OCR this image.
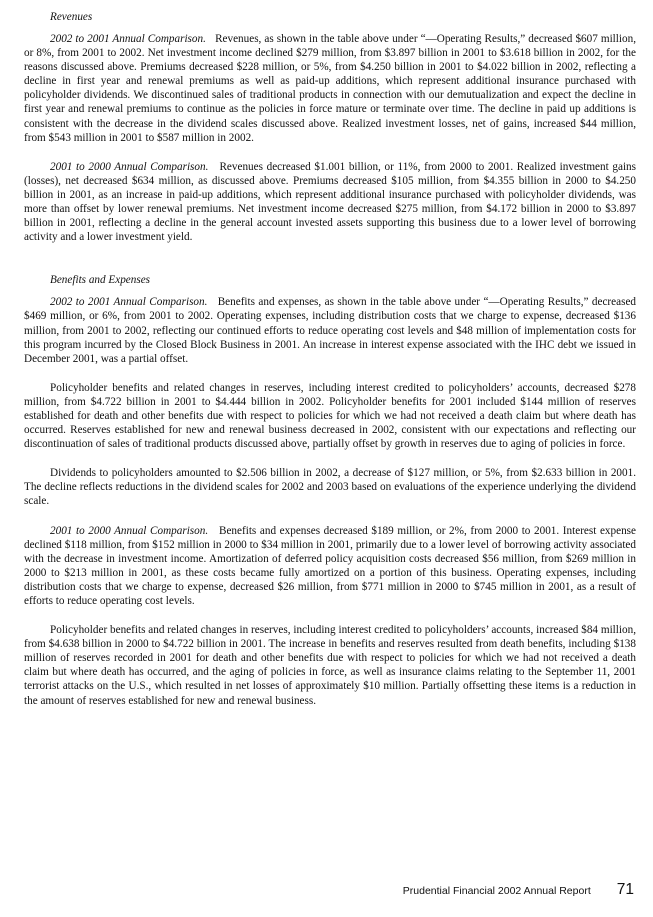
Revenues

2002 to 2001 Annual Comparison. Revenues, as shown in the table above under “—Operating Results,” decreased $607 million, or 8%, from 2001 to 2002. Net investment income declined $279 million, from $3.897 billion in 2001 to $3.618 billion in 2002, for the reasons discussed above. Premiums decreased $228 million, or 5%, from $4.250 billion in 2001 to $4.022 billion in 2002, reflecting a decline in first year and renewal premiums as well as paid-up additions, which represent additional insurance purchased with policyholder dividends. We discontinued sales of traditional products in connection with our demutualization and expect the decline in first year and renewal premiums to continue as the policies in force mature or terminate over time. The decline in paid up additions is consistent with the decrease in the dividend scales discussed above. Realized investment losses, net of gains, increased $44 million, from $543 million in 2001 to $587 million in 2002.

2001 to 2000 Annual Comparison. Revenues decreased $1.001 billion, or 11%, from 2000 to 2001. Realized investment gains (losses), net decreased $634 million, as discussed above. Premiums decreased $105 million, from $4.355 billion in 2000 to $4.250 billion in 2001, as an increase in paid-up additions, which represent additional insurance purchased with policyholder dividends, was more than offset by lower renewal premiums. Net investment income decreased $275 million, from $4.172 billion in 2000 to $3.897 billion in 2001, reflecting a decline in the general account invested assets supporting this business due to a lower level of borrowing activity and a lower investment yield.

Benefits and Expenses

2002 to 2001 Annual Comparison. Benefits and expenses, as shown in the table above under “—Operating Results,” decreased $469 million, or 6%, from 2001 to 2002. Operating expenses, including distribution costs that we charge to expense, decreased $136 million, from 2001 to 2002, reflecting our continued efforts to reduce operating cost levels and $48 million of implementation costs for this program incurred by the Closed Block Business in 2001. An increase in interest expense associated with the IHC debt we issued in December 2001, was a partial offset.

Policyholder benefits and related changes in reserves, including interest credited to policyholders’ accounts, decreased $278 million, from $4.722 billion in 2001 to $4.444 billion in 2002. Policyholder benefits for 2001 included $144 million of reserves established for death and other benefits due with respect to policies for which we had not received a death claim but where death has occurred. Reserves established for new and renewal business decreased in 2002, consistent with our expectations and reflecting our discontinuation of sales of traditional products discussed above, partially offset by growth in reserves due to aging of policies in force.

Dividends to policyholders amounted to $2.506 billion in 2002, a decrease of $127 million, or 5%, from $2.633 billion in 2001. The decline reflects reductions in the dividend scales for 2002 and 2003 based on evaluations of the experience underlying the dividend scale.

2001 to 2000 Annual Comparison. Benefits and expenses decreased $189 million, or 2%, from 2000 to 2001. Interest expense declined $118 million, from $152 million in 2000 to $34 million in 2001, primarily due to a lower level of borrowing activity associated with the decrease in investment income. Amortization of deferred policy acquisition costs decreased $56 million, from $269 million in 2000 to $213 million in 2001, as these costs became fully amortized on a portion of this business. Operating expenses, including distribution costs that we charge to expense, decreased $26 million, from $771 million in 2000 to $745 million in 2001, as a result of efforts to reduce operating cost levels.

Policyholder benefits and related changes in reserves, including interest credited to policyholders’ accounts, increased $84 million, from $4.638 billion in 2000 to $4.722 billion in 2001. The increase in benefits and reserves resulted from death benefits, including $138 million of reserves recorded in 2001 for death and other benefits due with respect to policies for which we had not received a death claim but where death has occurred, and the aging of policies in force, as well as insurance claims relating to the September 11, 2001 terrorist attacks on the U.S., which resulted in net losses of approximately $10 million. Partially offsetting these items is a reduction in the amount of reserves established for new and renewal business.

Prudential Financial 2002 Annual Report 71
